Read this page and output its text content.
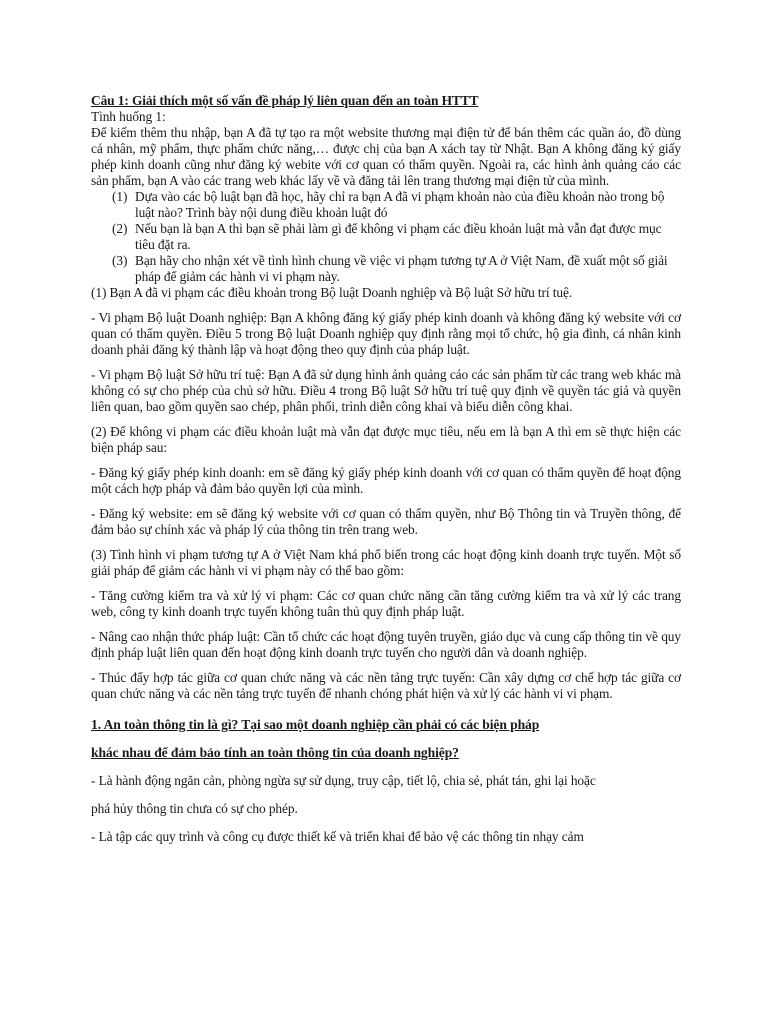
Câu 1: Giải thích một số vấn đề pháp lý liên quan đến an toàn HTTT

Tình huống 1:

Để kiếm thêm thu nhập, bạn A đã tự tạo ra một website thương mại điện tử để bán thêm các quần áo, đồ dùng cá nhân, mỹ phẩm, thực phẩm chức năng,… được chị của bạn A xách tay từ Nhật. Bạn A không đăng ký giấy phép kinh doanh cũng như đăng ký webite với cơ quan có thẩm quyền. Ngoài ra, các hình ảnh quảng cáo các sản phẩm, bạn A vào các trang web khác lấy về và đăng tải lên trang thương mại điện tử của mình.

(1) Dựa vào các bộ luật bạn đã học, hãy chỉ ra bạn A đã vi phạm khoản nào của điều khoản nào trong bộ luật nào? Trình bày nội dung điều khoản luật đó
(2) Nếu bạn là bạn A thì bạn sẽ phải làm gì để không vi phạm các điều khoản luật mà vẫn đạt được mục tiêu đặt ra.
(3) Bạn hãy cho nhận xét về tình hình chung về việc vi phạm tương tự A ở Việt Nam, đề xuất một số giải pháp để giảm các hành vi vi phạm này.

(1) Bạn A đã vi phạm các điều khoản trong Bộ luật Doanh nghiệp và Bộ luật Sở hữu trí tuệ.

- Vi phạm Bộ luật Doanh nghiệp: Bạn A không đăng ký giấy phép kinh doanh và không đăng ký website với cơ quan có thẩm quyền. Điều 5 trong Bộ luật Doanh nghiệp quy định rằng mọi tổ chức, hộ gia đình, cá nhân kinh doanh phải đăng ký thành lập và hoạt động theo quy định của pháp luật.

- Vi phạm Bộ luật Sở hữu trí tuệ: Bạn A đã sử dụng hình ảnh quảng cáo các sản phẩm từ các trang web khác mà không có sự cho phép của chủ sở hữu. Điều 4 trong Bộ luật Sở hữu trí tuệ quy định về quyền tác giả và quyền liên quan, bao gồm quyền sao chép, phân phối, trình diễn công khai và biểu diễn công khai.

(2) Để không vi phạm các điều khoản luật mà vẫn đạt được mục tiêu, nếu em là bạn A thì em sẽ thực hiện các biện pháp sau:

- Đăng ký giấy phép kinh doanh: em sẽ đăng ký giấy phép kinh doanh với cơ quan có thẩm quyền để hoạt động một cách hợp pháp và đảm bảo quyền lợi của mình.

- Đăng ký website: em sẽ đăng ký website với cơ quan có thẩm quyền, như Bộ Thông tin và Truyền thông, để đảm bảo sự chính xác và pháp lý của thông tin trên trang web.

(3) Tình hình vi phạm tương tự A ở Việt Nam khá phổ biến trong các hoạt động kinh doanh trực tuyến. Một số giải pháp để giảm các hành vi vi phạm này có thể bao gồm:

- Tăng cường kiểm tra và xử lý vi phạm: Các cơ quan chức năng cần tăng cường kiểm tra và xử lý các trang web, công ty kinh doanh trực tuyến không tuân thủ quy định pháp luật.

- Nâng cao nhận thức pháp luật: Cần tổ chức các hoạt động tuyên truyền, giáo dục và cung cấp thông tin về quy định pháp luật liên quan đến hoạt động kinh doanh trực tuyến cho người dân và doanh nghiệp.

- Thúc đẩy hợp tác giữa cơ quan chức năng và các nền tảng trực tuyến: Cần xây dựng cơ chế hợp tác giữa cơ quan chức năng và các nền tảng trực tuyến để nhanh chóng phát hiện và xử lý các hành vi vi phạm.

1. An toàn thông tin là gì? Tại sao một doanh nghiệp cần phải có các biện pháp

khác nhau để đảm bảo tính an toàn thông tin của doanh nghiệp?

- Là hành động ngăn cản, phòng ngừa sự sử dụng, truy cập, tiết lộ, chia sẻ, phát tán, ghi lại hoặc

phá hủy thông tin chưa có sự cho phép.

- Là tập các quy trình và công cụ được thiết kế và triển khai để bảo vệ các thông tin nhạy cảm
